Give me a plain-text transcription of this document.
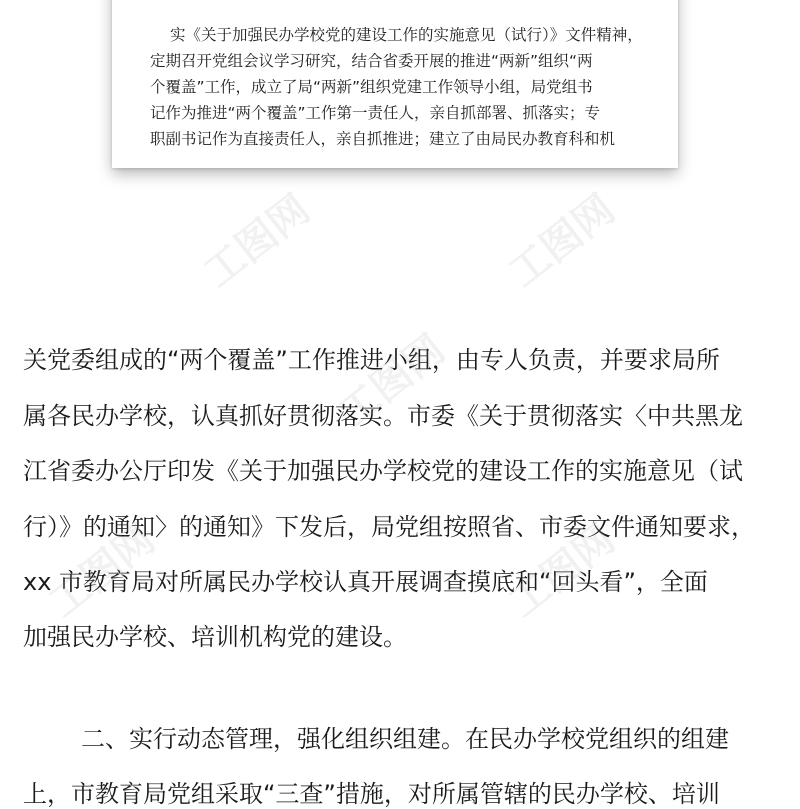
实《关于加强民办学校党的建设工作的实施意见（试行）》文件精神，
定期召开党组会议学习研究，结合省委开展的推进“两新”组织“两
个覆盖”工作，成立了局“两新”组织党建工作领导小组，局党组书
记作为推进“两个覆盖”工作第一责任人，亲自抓部署、抓落实；专
职副书记作为直接责任人，亲自抓推进；建立了由局民办教育科和机
关党委组成的“两个覆盖”工作推进小组，由专人负责，并要求局所
属各民办学校，认真抓好贯彻落实。市委《关于贯彻落实〈中共黑龙
江省委办公厅印发《关于加强民办学校党的建设工作的实施意见（试
行）》的通知〉的通知》下发后，局党组按照省、市委文件通知要求，
xx 市教育局对所属民办学校认真开展调查摸底和“回头看”，全面
加强民办学校、培训机构党的建设。
二、实行动态管理，强化组织组建。在民办学校党组织的组建
上，市教育局党组采取“三查”措施，对所属管辖的民办学校、培训
工图网	工图网
工图网
工图网	工图网
